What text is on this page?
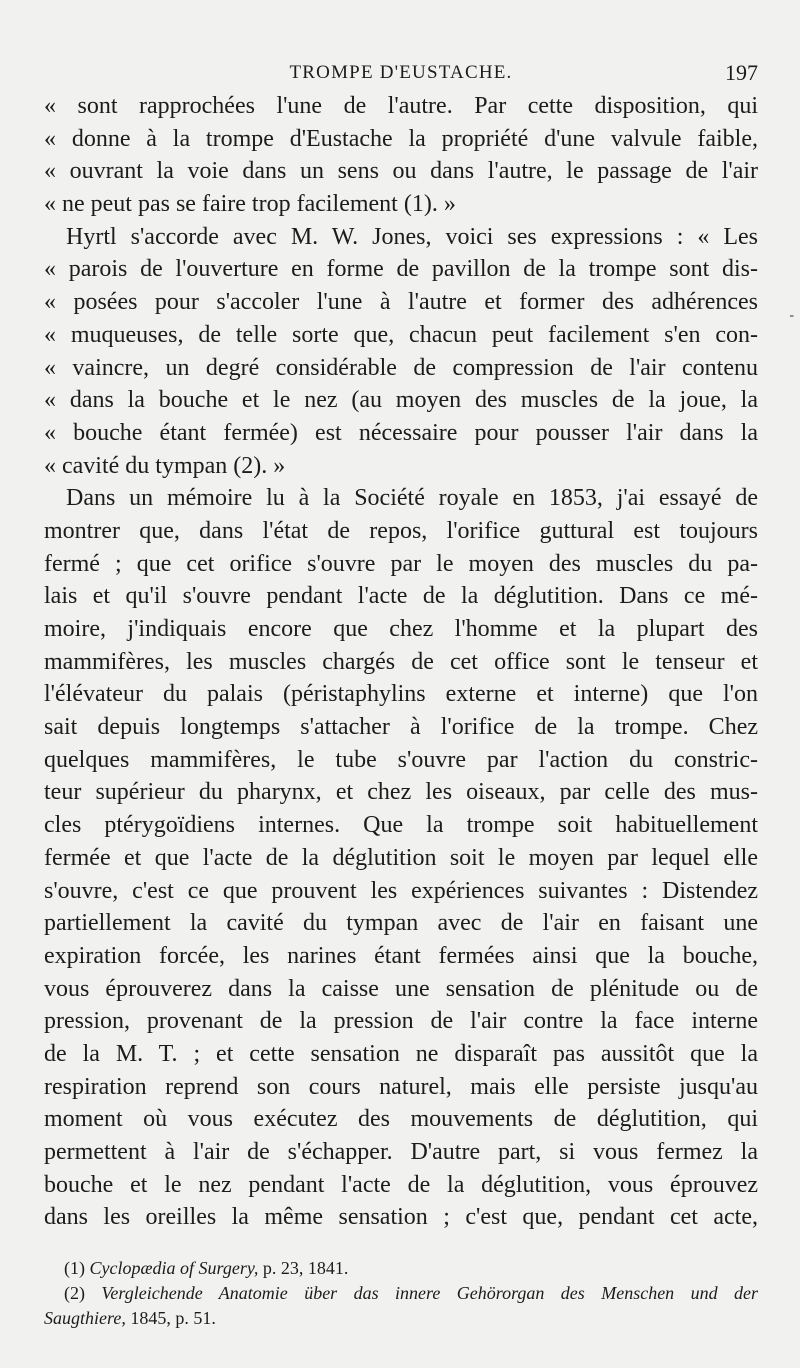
TROMPE D'EUSTACHE.	197
« sont rapprochées l'une de l'autre. Par cette disposition, qui
« donne à la trompe d'Eustache la propriété d'une valvule faible,
« ouvrant la voie dans un sens ou dans l'autre, le passage de l'air
« ne peut pas se faire trop facilement (1). »
Hyrtl s'accorde avec M. W. Jones, voici ses expressions : « Les
« parois de l'ouverture en forme de pavillon de la trompe sont dis-
« posées pour s'accoler l'une à l'autre et former des adhérences
« muqueuses, de telle sorte que, chacun peut facilement s'en con-
« vaincre, un degré considérable de compression de l'air contenu
« dans la bouche et le nez (au moyen des muscles de la joue, la
« bouche étant fermée) est nécessaire pour pousser l'air dans la
« cavité du tympan (2). »
Dans un mémoire lu à la Société royale en 1853, j'ai essayé de
montrer que, dans l'état de repos, l'orifice guttural est toujours
fermé ; que cet orifice s'ouvre par le moyen des muscles du pa-
lais et qu'il s'ouvre pendant l'acte de la déglutition. Dans ce mé-
moire, j'indiquais encore que chez l'homme et la plupart des
mammifères, les muscles chargés de cet office sont le tenseur et
l'élévateur du palais (péristaphylins externe et interne) que l'on
sait depuis longtemps s'attacher à l'orifice de la trompe. Chez
quelques mammifères, le tube s'ouvre par l'action du constric-
teur supérieur du pharynx, et chez les oiseaux, par celle des mus-
cles ptérygoïdiens internes. Que la trompe soit habituellement
fermée et que l'acte de la déglutition soit le moyen par lequel elle
s'ouvre, c'est ce que prouvent les expériences suivantes : Distendez
partiellement la cavité du tympan avec de l'air en faisant une
expiration forcée, les narines étant fermées ainsi que la bouche,
vous éprouverez dans la caisse une sensation de plénitude ou de
pression, provenant de la pression de l'air contre la face interne
de la M. T. ; et cette sensation ne disparaît pas aussitôt que la
respiration reprend son cours naturel, mais elle persiste jusqu'au
moment où vous exécutez des mouvements de déglutition, qui
permettent à l'air de s'échapper. D'autre part, si vous fermez la
bouche et le nez pendant l'acte de la déglutition, vous éprouvez
dans les oreilles la même sensation ; c'est que, pendant cet acte,
(1) Cyclopædia of Surgery, p. 23, 1841.
(2) Vergleichende Anatomie über das innere Gehörorgan des Menschen und der
Saugthiere, 1845, p. 51.
-
